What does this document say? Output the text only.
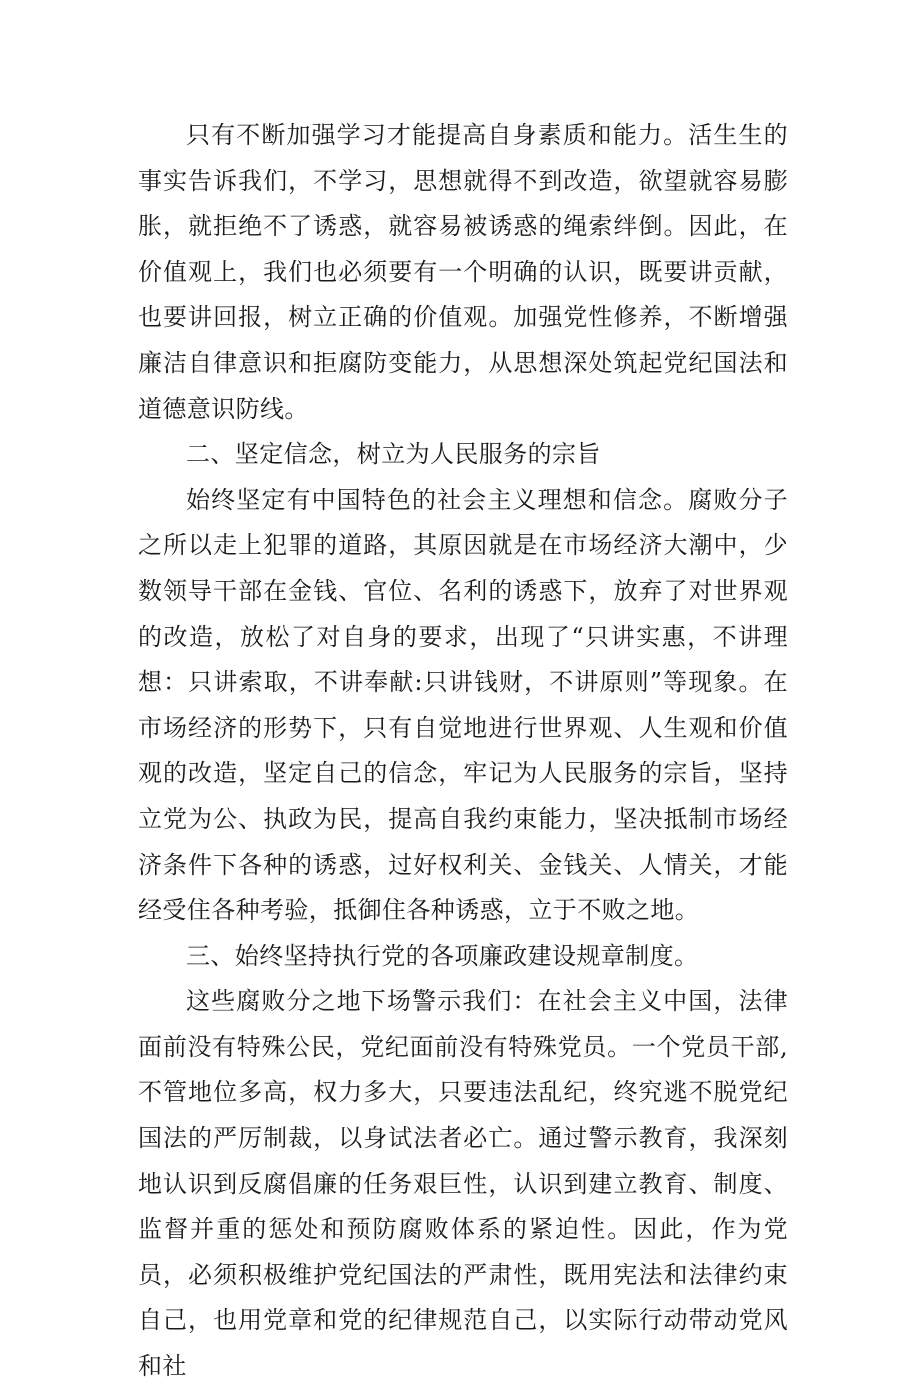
只有不断加强学习才能提高自身素质和能力。活生生的事实告诉我们，不学习，思想就得不到改造，欲望就容易膨胀，就拒绝不了诱惑，就容易被诱惑的绳索绊倒。因此，在价值观上，我们也必须要有一个明确的认识，既要讲贡献，也要讲回报，树立正确的价值观。加强党性修养，不断增强廉洁自律意识和拒腐防变能力，从思想深处筑起党纪国法和道德意识防线。

二、坚定信念，树立为人民服务的宗旨

始终坚定有中国特色的社会主义理想和信念。腐败分子之所以走上犯罪的道路，其原因就是在市场经济大潮中，少数领导干部在金钱、官位、名利的诱惑下，放弃了对世界观的改造，放松了对自身的要求，出现了“只讲实惠，不讲理想：只讲索取，不讲奉献:只讲钱财，不讲原则”等现象。在市场经济的形势下，只有自觉地进行世界观、人生观和价值观的改造，坚定自己的信念，牢记为人民服务的宗旨，坚持立党为公、执政为民，提高自我约束能力，坚决抵制市场经济条件下各种的诱惑，过好权利关、金钱关、人情关，才能经受住各种考验，抵御住各种诱惑，立于不败之地。

三、始终坚持执行党的各项廉政建设规章制度。

这些腐败分之地下场警示我们：在社会主义中国，法律面前没有特殊公民，党纪面前没有特殊党员。一个党员干部,不管地位多高，权力多大，只要违法乱纪，终究逃不脱党纪国法的严厉制裁，以身试法者必亡。通过警示教育，我深刻地认识到反腐倡廉的任务艰巨性，认识到建立教育、制度、监督并重的惩处和预防腐败体系的紧迫性。因此，作为党员，必须积极维护党纪国法的严肃性，既用宪法和法律约束自己，也用党章和党的纪律规范自己，以实际行动带动党风和社
